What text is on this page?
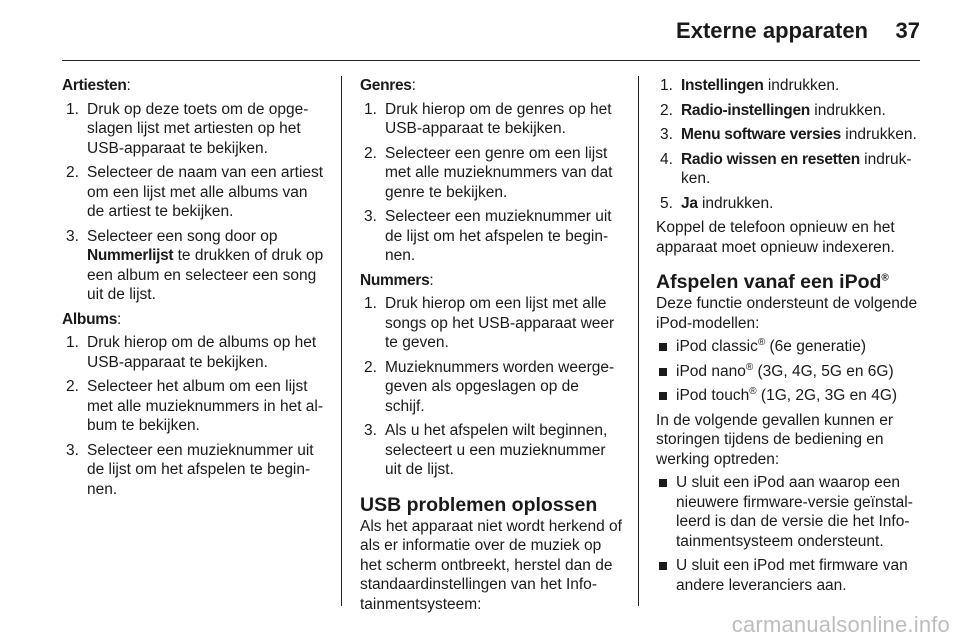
Externe apparaten 37

Artiesten:

1. Druk op deze toets om de opgeslagen lijst met artiesten op het USB-apparaat te bekijken.
2. Selecteer de naam van een artiest om een lijst met alle albums van de artiest te bekijken.
3. Selecteer een song door op Nummerlijst te drukken of druk op een album en selecteer een song uit de lijst.

Albums:

1. Druk hierop om de albums op het USB-apparaat te bekijken.
2. Selecteer het album om een lijst met alle muzieknummers in het album te bekijken.
3. Selecteer een muzieknummer uit de lijst om het afspelen te beginnen.

Genres:

1. Druk hierop om de genres op het USB-apparaat te bekijken.
2. Selecteer een genre om een lijst met alle muzieknummers van dat genre te bekijken.
3. Selecteer een muzieknummer uit de lijst om het afspelen te beginnen.

Nummers:

1. Druk hierop om een lijst met alle songs op het USB-apparaat weer te geven.
2. Muzieknummers worden weergegeven als opgeslagen op de schijf.
3. Als u het afspelen wilt beginnen, selecteert u een muzieknummer uit de lijst.
USB problemen oplossen

Als het apparaat niet wordt herkend of als er informatie over de muziek op het scherm ontbreekt, herstel dan de standaardinstellingen van het Infotainmentsysteem:

1. Instellingen indrukken.
2. Radio-instellingen indrukken.
3. Menu software versies indrukken.
4. Radio wissen en resetten indrukken.
5. Ja indrukken.

Koppel de telefoon opnieuw en het apparaat moet opnieuw indexeren.

Afspelen vanaf een iPod®

Deze functie ondersteunt de volgende iPod-modellen:

iPod classic® (6e generatie)
iPod nano® (3G, 4G, 5G en 6G)
iPod touch® (1G, 2G, 3G en 4G)

In de volgende gevallen kunnen er storingen tijdens de bediening en werking optreden:

U sluit een iPod aan waarop een nieuwere firmware-versie geïnstalleerd is dan de versie die het Infotainmentsysteem ondersteunt.
U sluit een iPod met firmware van andere leveranciers aan.
carmanualsonline.info
